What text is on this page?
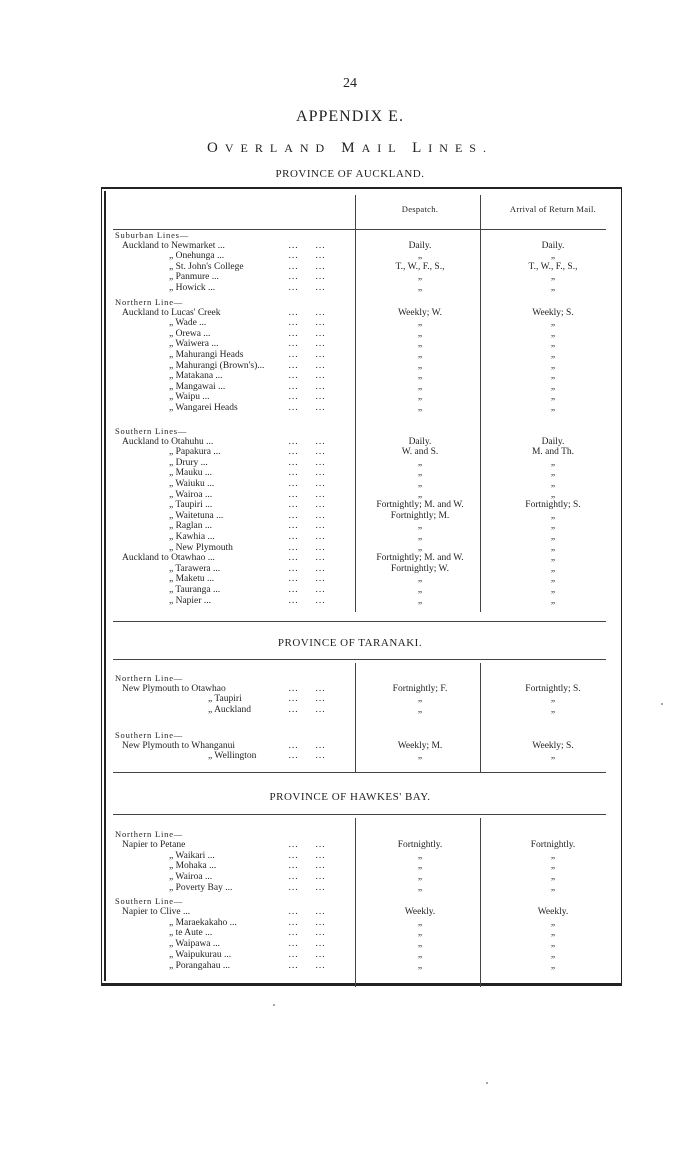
24
APPENDIX E.
OVERLAND MAIL LINES.
Despatch.	Arrival of Return Mail.
PROVINCE OF AUCKLAND.
Suburban Lines—
Auckland to Newmarket ...	... ...	Daily.	Daily.
„ Onehunga ...	... ...	„	„
„ St. John's College	... ...	T., W., F., S.,	T., W., F., S.,
„ Panmure ...	... ...	„	„
„ Howick ...	... ...	„	„
Northern Line—
Auckland to Lucas' Creek	... ...	Weekly; W.	Weekly; S.
„ Wade ...	... ...	„	„
„ Orewa ...	... ...	„	„
„ Waiwera ...	... ...	„	„
„ Mahurangi Heads	... ...	„	„
„ Mahurangi (Brown's)...	... ...	„	„
„ Matakana ...	... ...	„	„
„ Mangawai ...	... ...	„	„
„ Waipu ...	... ...	„	„
„ Wangarei Heads	... ...	„	„
Southern Lines—
Auckland to Otahuhu ...	... ...	Daily.	Daily.
„ Papakura ...	... ...	W. and S.	M. and Th.
„ Drury ...	... ...	„	„
„ Mauku ...	... ...	„	„
„ Waiuku ...	... ...	„	„
„ Wairoa ...	... ...	„	„
„ Taupiri ...	... ...	Fortnightly; M. and W.	Fortnightly; S.
„ Waitetuna ...	... ...	Fortnightly; M.	„
„ Raglan ...	... ...	„	„
„ Kawhia ...	... ...	„	„
„ New Plymouth	... ...	„	„
Auckland to Otawhao ...	... ...	Fortnightly; M. and W.	„
„ Tarawera ...	... ...	Fortnightly; W.	„
„ Maketu ...	... ...	„	„
„ Tauranga ...	... ...	„	„
„ Napier ...	... ...	„	„
PROVINCE OF TARANAKI.
Northern Line—
New Plymouth to Otawhao	... ...	Fortnightly; F.	Fortnightly; S.
„ Taupiri	... ...	„	„
„ Auckland	... ...	„	„
Southern Line—
New Plymouth to Whanganui	... ...	Weekly; M.	Weekly; S.
„ Wellington	... ...	„	„
PROVINCE OF HAWKES' BAY.
Northern Line—
Napier to Petane	... ...	Fortnightly.	Fortnightly.
„ Waikari ...	... ...	„	„
„ Mohaka ...	... ...	„	„
„ Wairoa ...	... ...	„	„
„ Poverty Bay ...	... ...	„	„
Southern Line—
Napier to Clive ...	... ...	Weekly.	Weekly.
„ Maraekakaho ...	... ...	„	„
„ te Aute ...	... ...	„	„
„ Waipawa ...	... ...	„	„
„ Waipukurau ...	... ...	„	„
„ Porangahau ...	... ...	„	„
